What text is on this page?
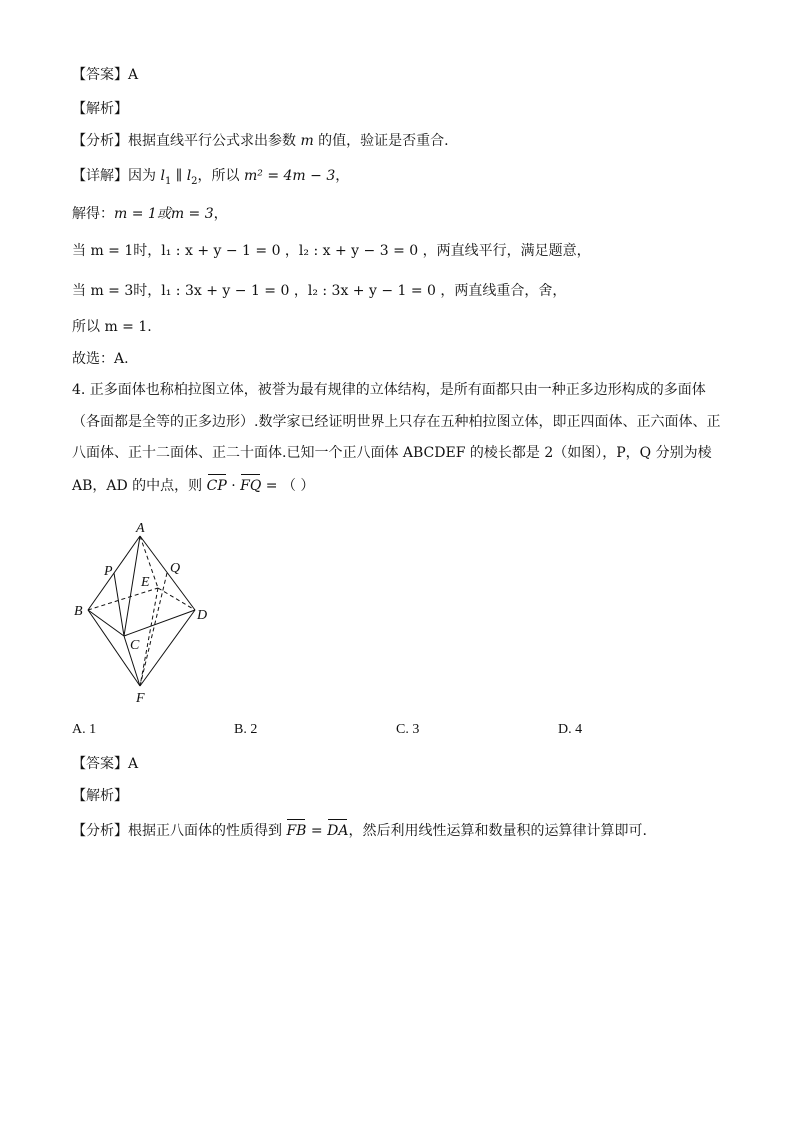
【答案】A
【解析】
【分析】根据直线平行公式求出参数 m 的值，验证是否重合.
【详解】因为 $l_1$ ∥ $l_2$，所以 m² = 4m − 3，
解得：m = 1或m = 3，
当 m = 1时，l₁ : x + y − 1 = 0 ，l₂ : x + y − 3 = 0 ，两直线平行，满足题意，
当 m = 3时，l₁ : 3x + y − 1 = 0 ，l₂ : 3x + y − 1 = 0 ，两直线重合，舍，
所以 m = 1.
故选：A.
4. 正多面体也称柏拉图立体，被誉为最有规律的立体结构，是所有面都只由一种正多边形构成的多面体
（各面都是全等的正多边形）.数学家已经证明世界上只存在五种柏拉图立体，即正四面体、正六面体、正
八面体、正十二面体、正二十面体.已知一个正八面体 ABCDEF 的棱长都是 2（如图），P，Q 分别为棱
AB，AD 的中点，则 CP · FQ = （ ）
A
B
C
D
E
F
P	Q
A. 1	B. 2	C. 3	D. 4
【答案】A
【解析】
【分析】根据正八面体的性质得到 FB = DA，然后利用线性运算和数量积的运算律计算即可.
